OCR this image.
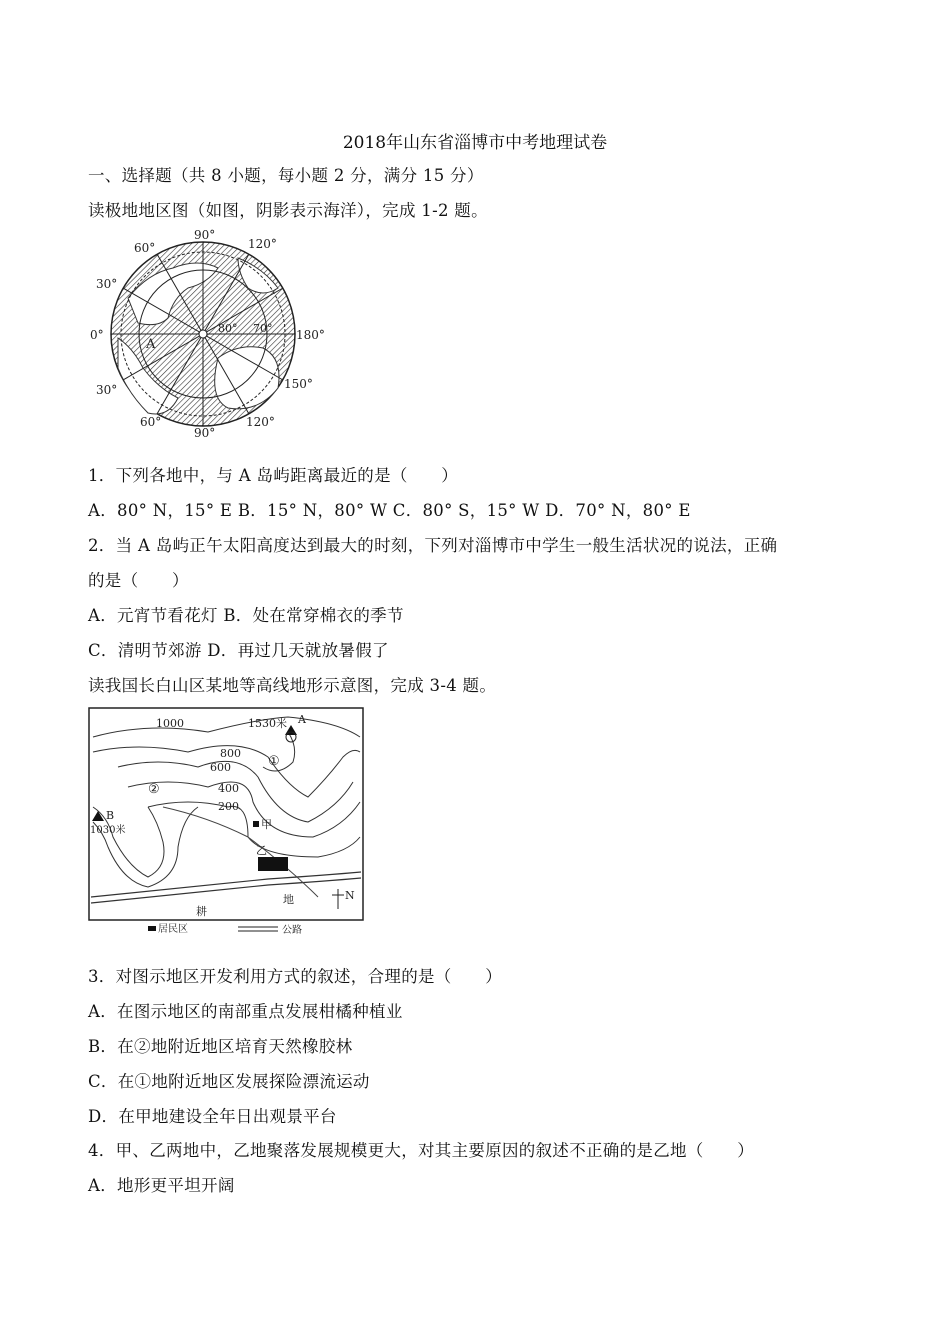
2018年山东省淄博市中考地理试卷
一、选择题（共 8 小题，每小题 2 分，满分 15 分）
读极地地区图（如图，阴影表示海洋），完成 1-2 题。
90°
120°
60°
30°
0°	180°
150°
30°
60°
90°
120°
A
80° 70°
1．下列各地中，与 A 岛屿距离最近的是（　　）
A．80° N，15° E B．15° N，80° W C．80° S，15° W D．70° N，80° E
2．当 A 岛屿正午太阳高度达到最大的时刻，下列对淄博市中学生一般生活状况的说法，正确
的是（　　）
A．元宵节看花灯 B．处在常穿棉衣的季节
C．清明节郊游 D．再过几天就放暑假了
读我国长白山区某地等高线地形示意图，完成 3-4 题。
1000	1530米 A
800
600	①
②	400
200
B
1030米	甲
乙
N
耕
地
居民区	公路
3．对图示地区开发利用方式的叙述，合理的是（　　）
A．在图示地区的南部重点发展柑橘种植业
B．在②地附近地区培育天然橡胶林
C．在①地附近地区发展探险漂流运动
D．在甲地建设全年日出观景平台
4．甲、乙两地中，乙地聚落发展规模更大，对其主要原因的叙述不正确的是乙地（　　）
A．地形更平坦开阔
